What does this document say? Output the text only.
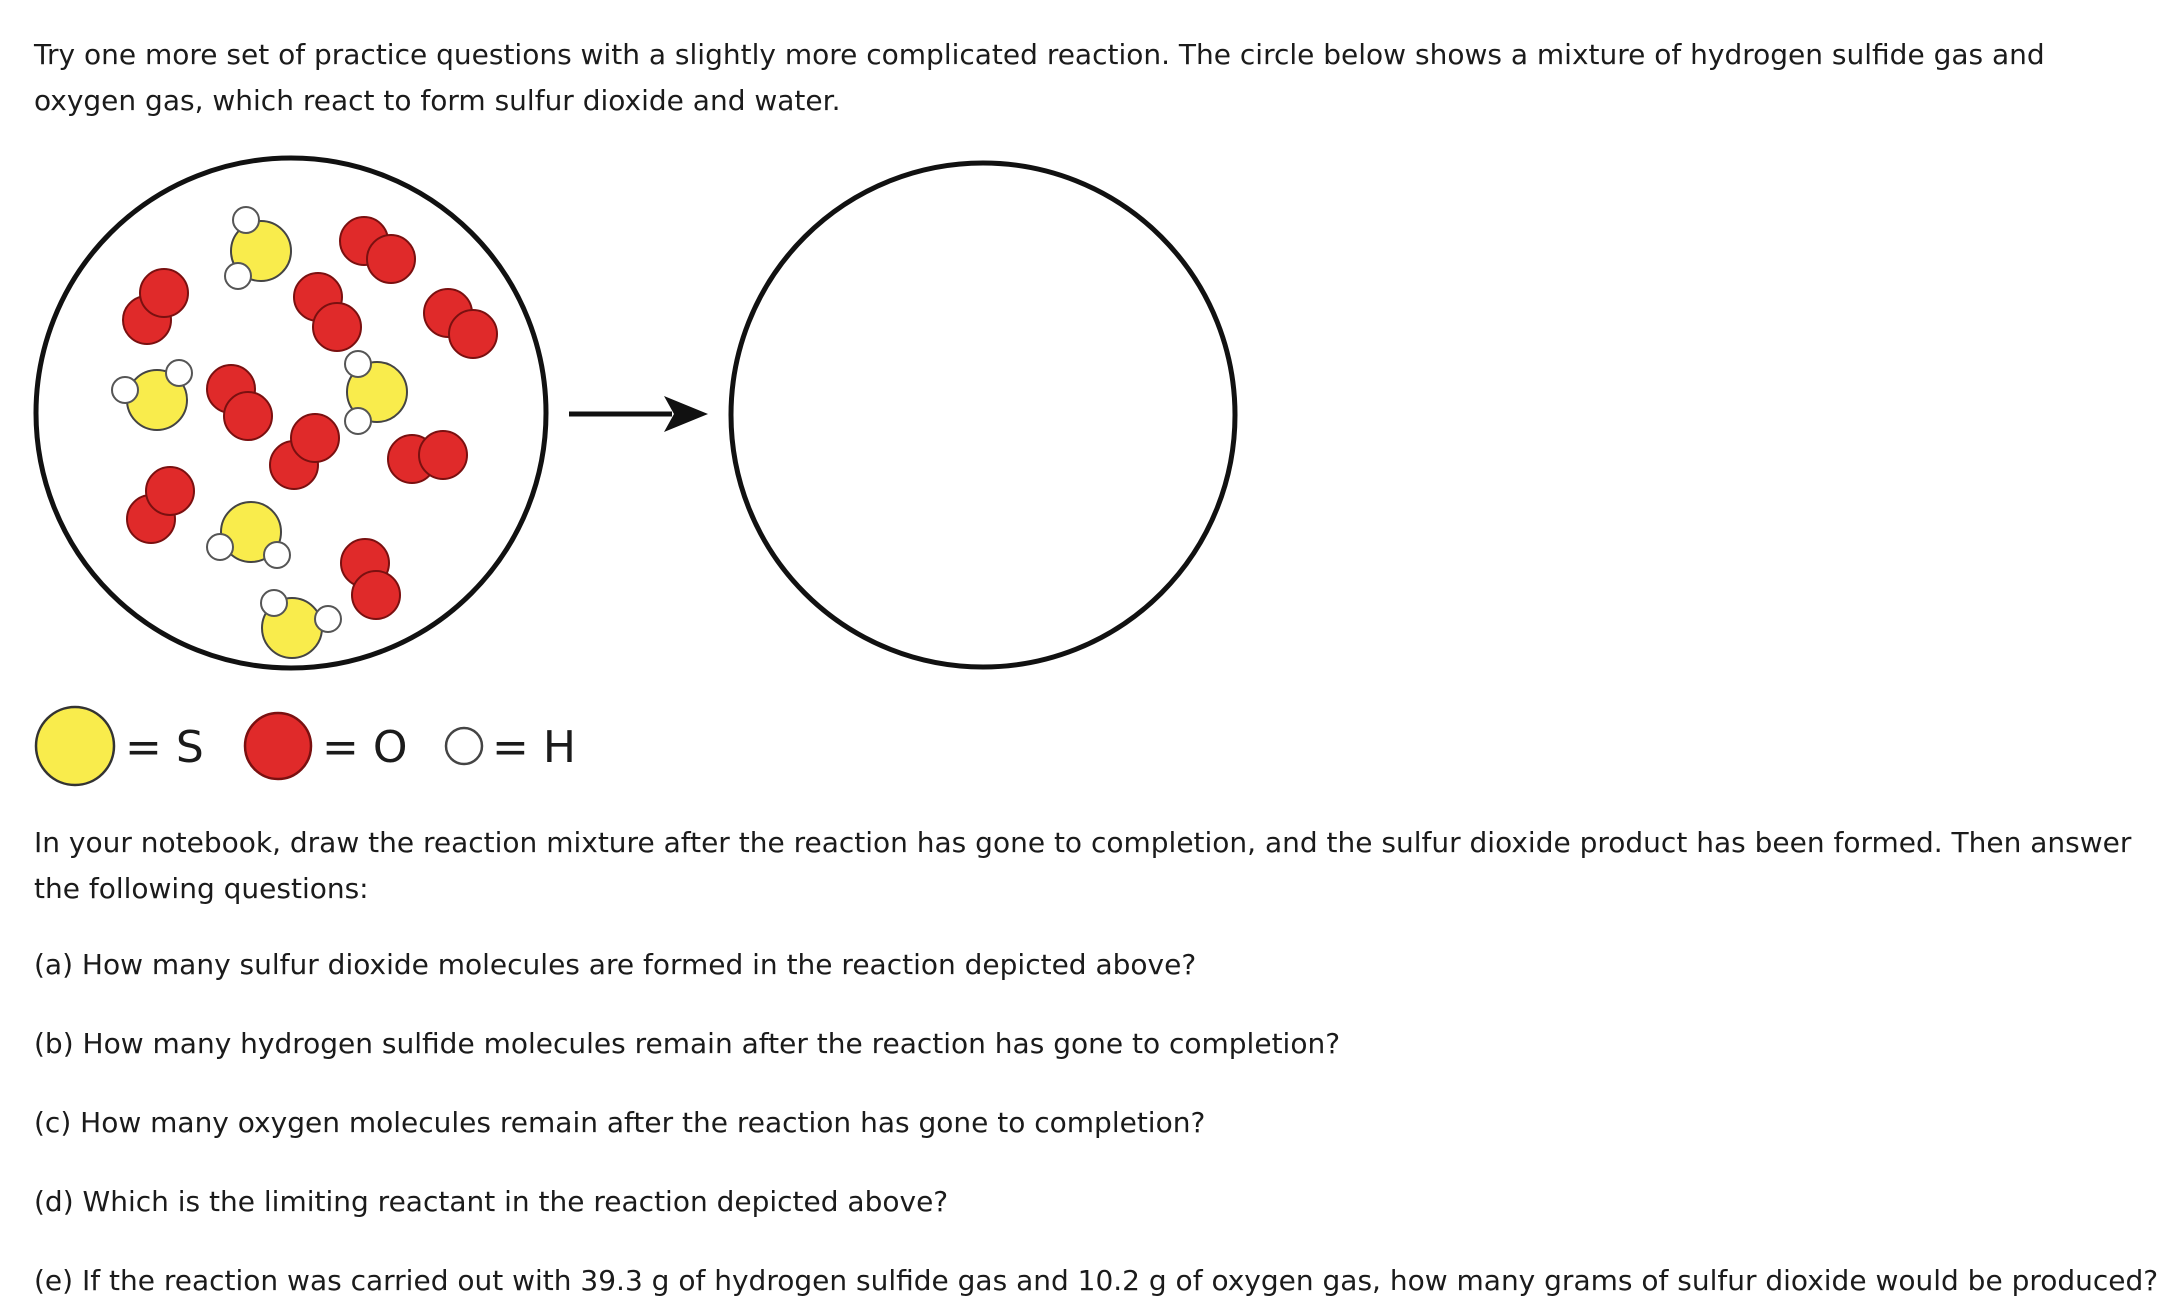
Try one more set of practice questions with a slightly more complicated reaction. The circle below shows a mixture of hydrogen sulfide gas and oxygen gas, which react to form sulfur dioxide and water.

= S	= O = H

In your notebook, draw the reaction mixture after the reaction has gone to completion, and the sulfur dioxide product has been formed. Then answer the following questions:

(a) How many sulfur dioxide molecules are formed in the reaction depicted above?

(b) How many hydrogen sulfide molecules remain after the reaction has gone to completion?

(c) How many oxygen molecules remain after the reaction has gone to completion?

(d) Which is the limiting reactant in the reaction depicted above?

(e) If the reaction was carried out with 39.3 g of hydrogen sulfide gas and 10.2 g of oxygen gas, how many grams of sulfur dioxide would be produced?
